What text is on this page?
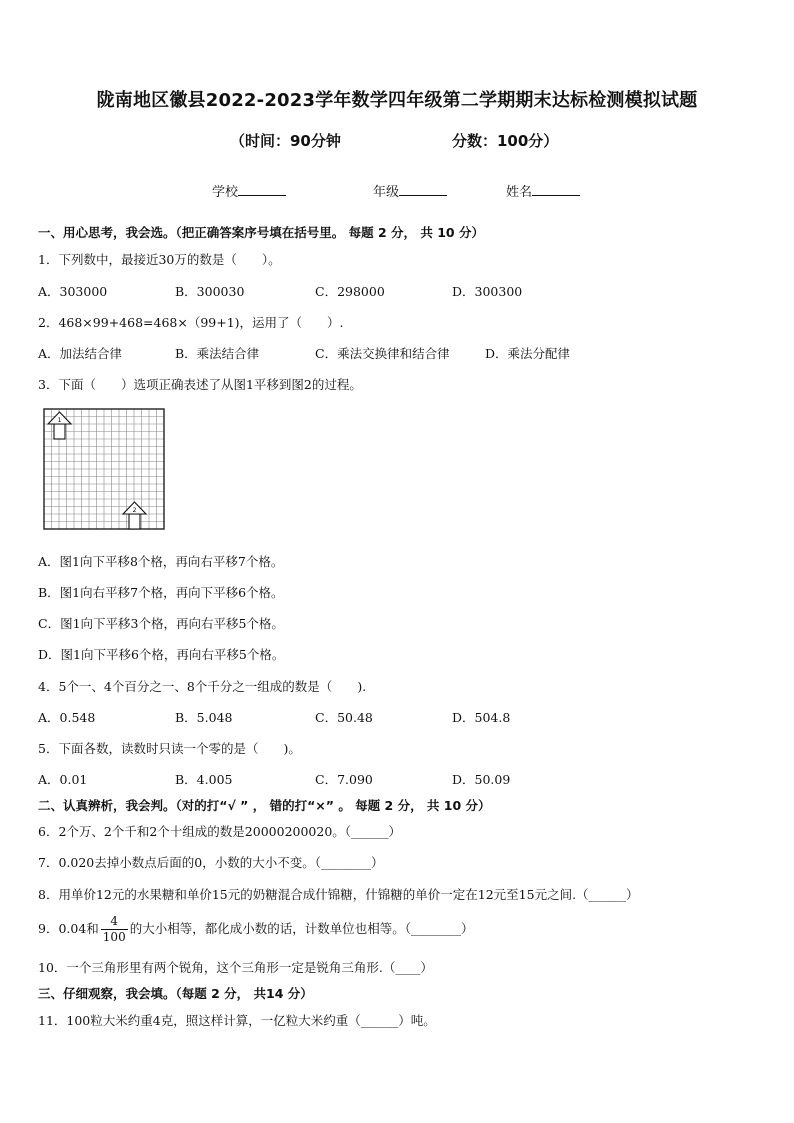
陇南地区徽县2022-2023学年数学四年级第二学期期末达标检测模拟试题
（时间：90分钟	分数：100分）
学校	年级	姓名
一、用心思考，我会选。（把正确答案序号填在括号里。 每题 2 分， 共 10 分）
1．下列数中，最接近30万的数是（　　）。
A．303000	B．300030	C．298000	D．300300
2．468×99+468=468×（99+1)，运用了（　　）.
A．加法结合律	B．乘法结合律	C．乘法交换律和结合律	D．乘法分配律
3．下面（　　）选项正确表述了从图1平移到图2的过程。
1
2
A．图1向下平移8个格，再向右平移7个格。
B．图1向右平移7个格，再向下平移6个格。
C．图1向下平移3个格，再向右平移5个格。
D．图1向下平移6个格，再向右平移5个格。
4．5个一、4个百分之一、8个千分之一组成的数是（　　).
A．0.548	B．5.048	C．50.48	D．504.8
5．下面各数，读数时只读一个零的是（　　)。
A．0.01	B．4.005	C．7.090	D．50.09
二、认真辨析，我会判。（对的打“√ ” ， 错的打“×” 。 每题 2 分， 共 10 分）
6．2个万、2个千和2个十组成的数是20000200020。（______）
7．0.020去掉小数点后面的0，小数的大小不变。（________）
8．用单价12元的水果糖和单价15元的奶糖混合成什锦糖，什锦糖的单价一定在12元至15元之间.（______）
9．0.04和 $\frac{4}{100}$ 的大小相等，都化成小数的话，计数单位也相等。（________）
10．一个三角形里有两个锐角，这个三角形一定是锐角三角形.（____）
三、仔细观察，我会填。（每题 2 分， 共14 分）
11．100粒大米约重4克，照这样计算，一亿粒大米约重（______）吨。
